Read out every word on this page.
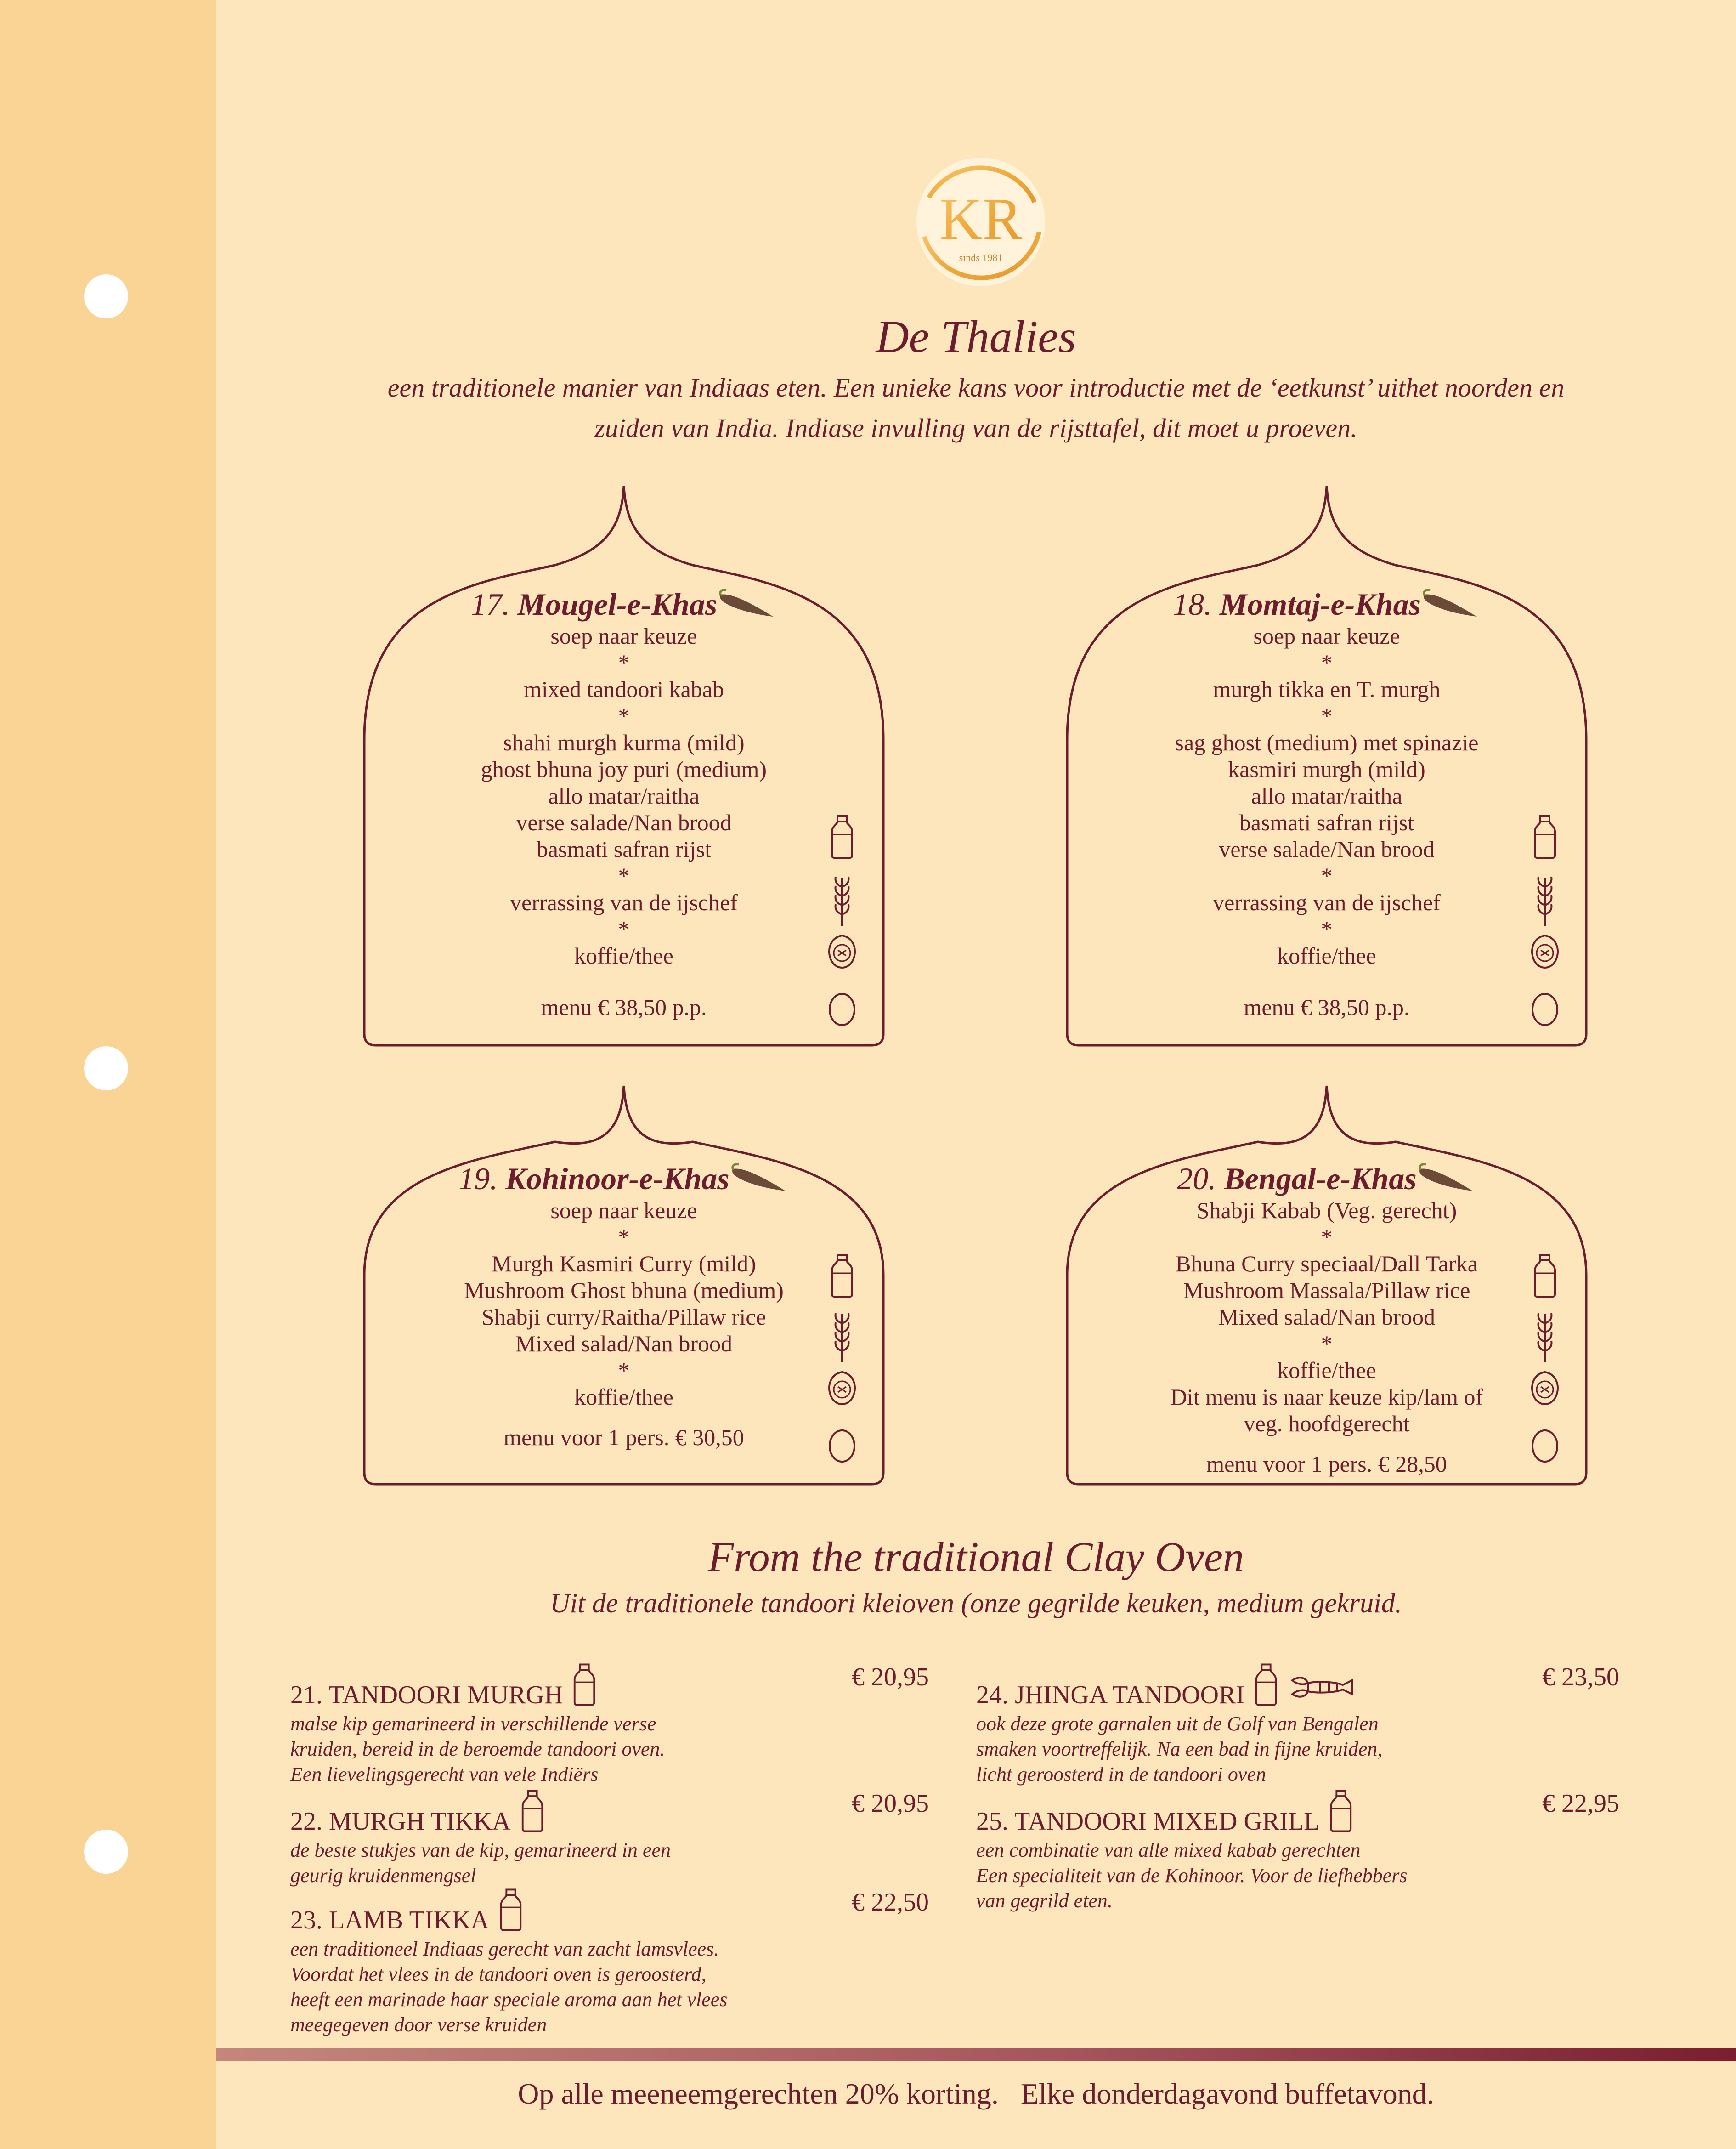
KR
sinds 1981
De Thalies
een traditionele manier van Indiaas eten. Een unieke kans voor introductie met de ‘eetkunst’ uithet noorden en
zuiden van India. Indiase invulling van de rijsttafel, dit moet u proeven.
17. Mougel-e-Khas
soep naar keuze
*
mixed tandoori kabab
*
shahi murgh kurma (mild)
ghost bhuna joy puri (medium)
allo matar/raitha
verse salade/Nan brood
basmati safran rijst
*
verrassing van de ijschef
*
koffie/thee
menu € 38,50 p.p.
18. Momtaj-e-Khas
soep naar keuze
*
murgh tikka en T. murgh
*
sag ghost (medium) met spinazie
kasmiri murgh (mild)
allo matar/raitha
basmati safran rijst
verse salade/Nan brood
*
verrassing van de ijschef
*
koffie/thee
menu € 38,50 p.p.
19. Kohinoor-e-Khas
soep naar keuze
*
Murgh Kasmiri Curry (mild)
Mushroom Ghost bhuna (medium)
Shabji curry/Raitha/Pillaw rice
Mixed salad/Nan brood
*
koffie/thee
menu voor 1 pers. € 30,50
20. Bengal-e-Khas
Shabji Kabab (Veg. gerecht)
*
Bhuna Curry speciaal/Dall Tarka
Mushroom Massala/Pillaw rice
Mixed salad/Nan brood
*
koffie/thee
Dit menu is naar keuze kip/lam of
veg. hoofdgerecht
menu voor 1 pers. € 28,50
From the traditional Clay Oven
Uit de traditionele tandoori kleioven (onze gegrilde keuken, medium gekruid.
21. TANDOORI MURGH
€ 20,95
malse kip gemarineerd in verschillende verse
kruiden, bereid in de beroemde tandoori oven.
Een lievelingsgerecht van vele Indiërs
22. MURGH TIKKA
€ 20,95
de beste stukjes van de kip, gemarineerd in een
geurig kruidenmengsel
23. LAMB TIKKA
€ 22,50
een traditioneel Indiaas gerecht van zacht lamsvlees.
Voordat het vlees in de tandoori oven is geroosterd,
heeft een marinade haar speciale aroma aan het vlees
meegegeven door verse kruiden
24. JHINGA TANDOORI
€ 23,50
ook deze grote garnalen uit de Golf van Bengalen
smaken voortreffelijk. Na een bad in fijne kruiden,
licht geroosterd in de tandoori oven
25. TANDOORI MIXED GRILL
€ 22,95
een combinatie van alle mixed kabab gerechten
Een specialiteit van de Kohinoor. Voor de liefhebbers
van gegrild eten.
Op alle meeneemgerechten 20% korting.   Elke donderdagavond buffetavond.
